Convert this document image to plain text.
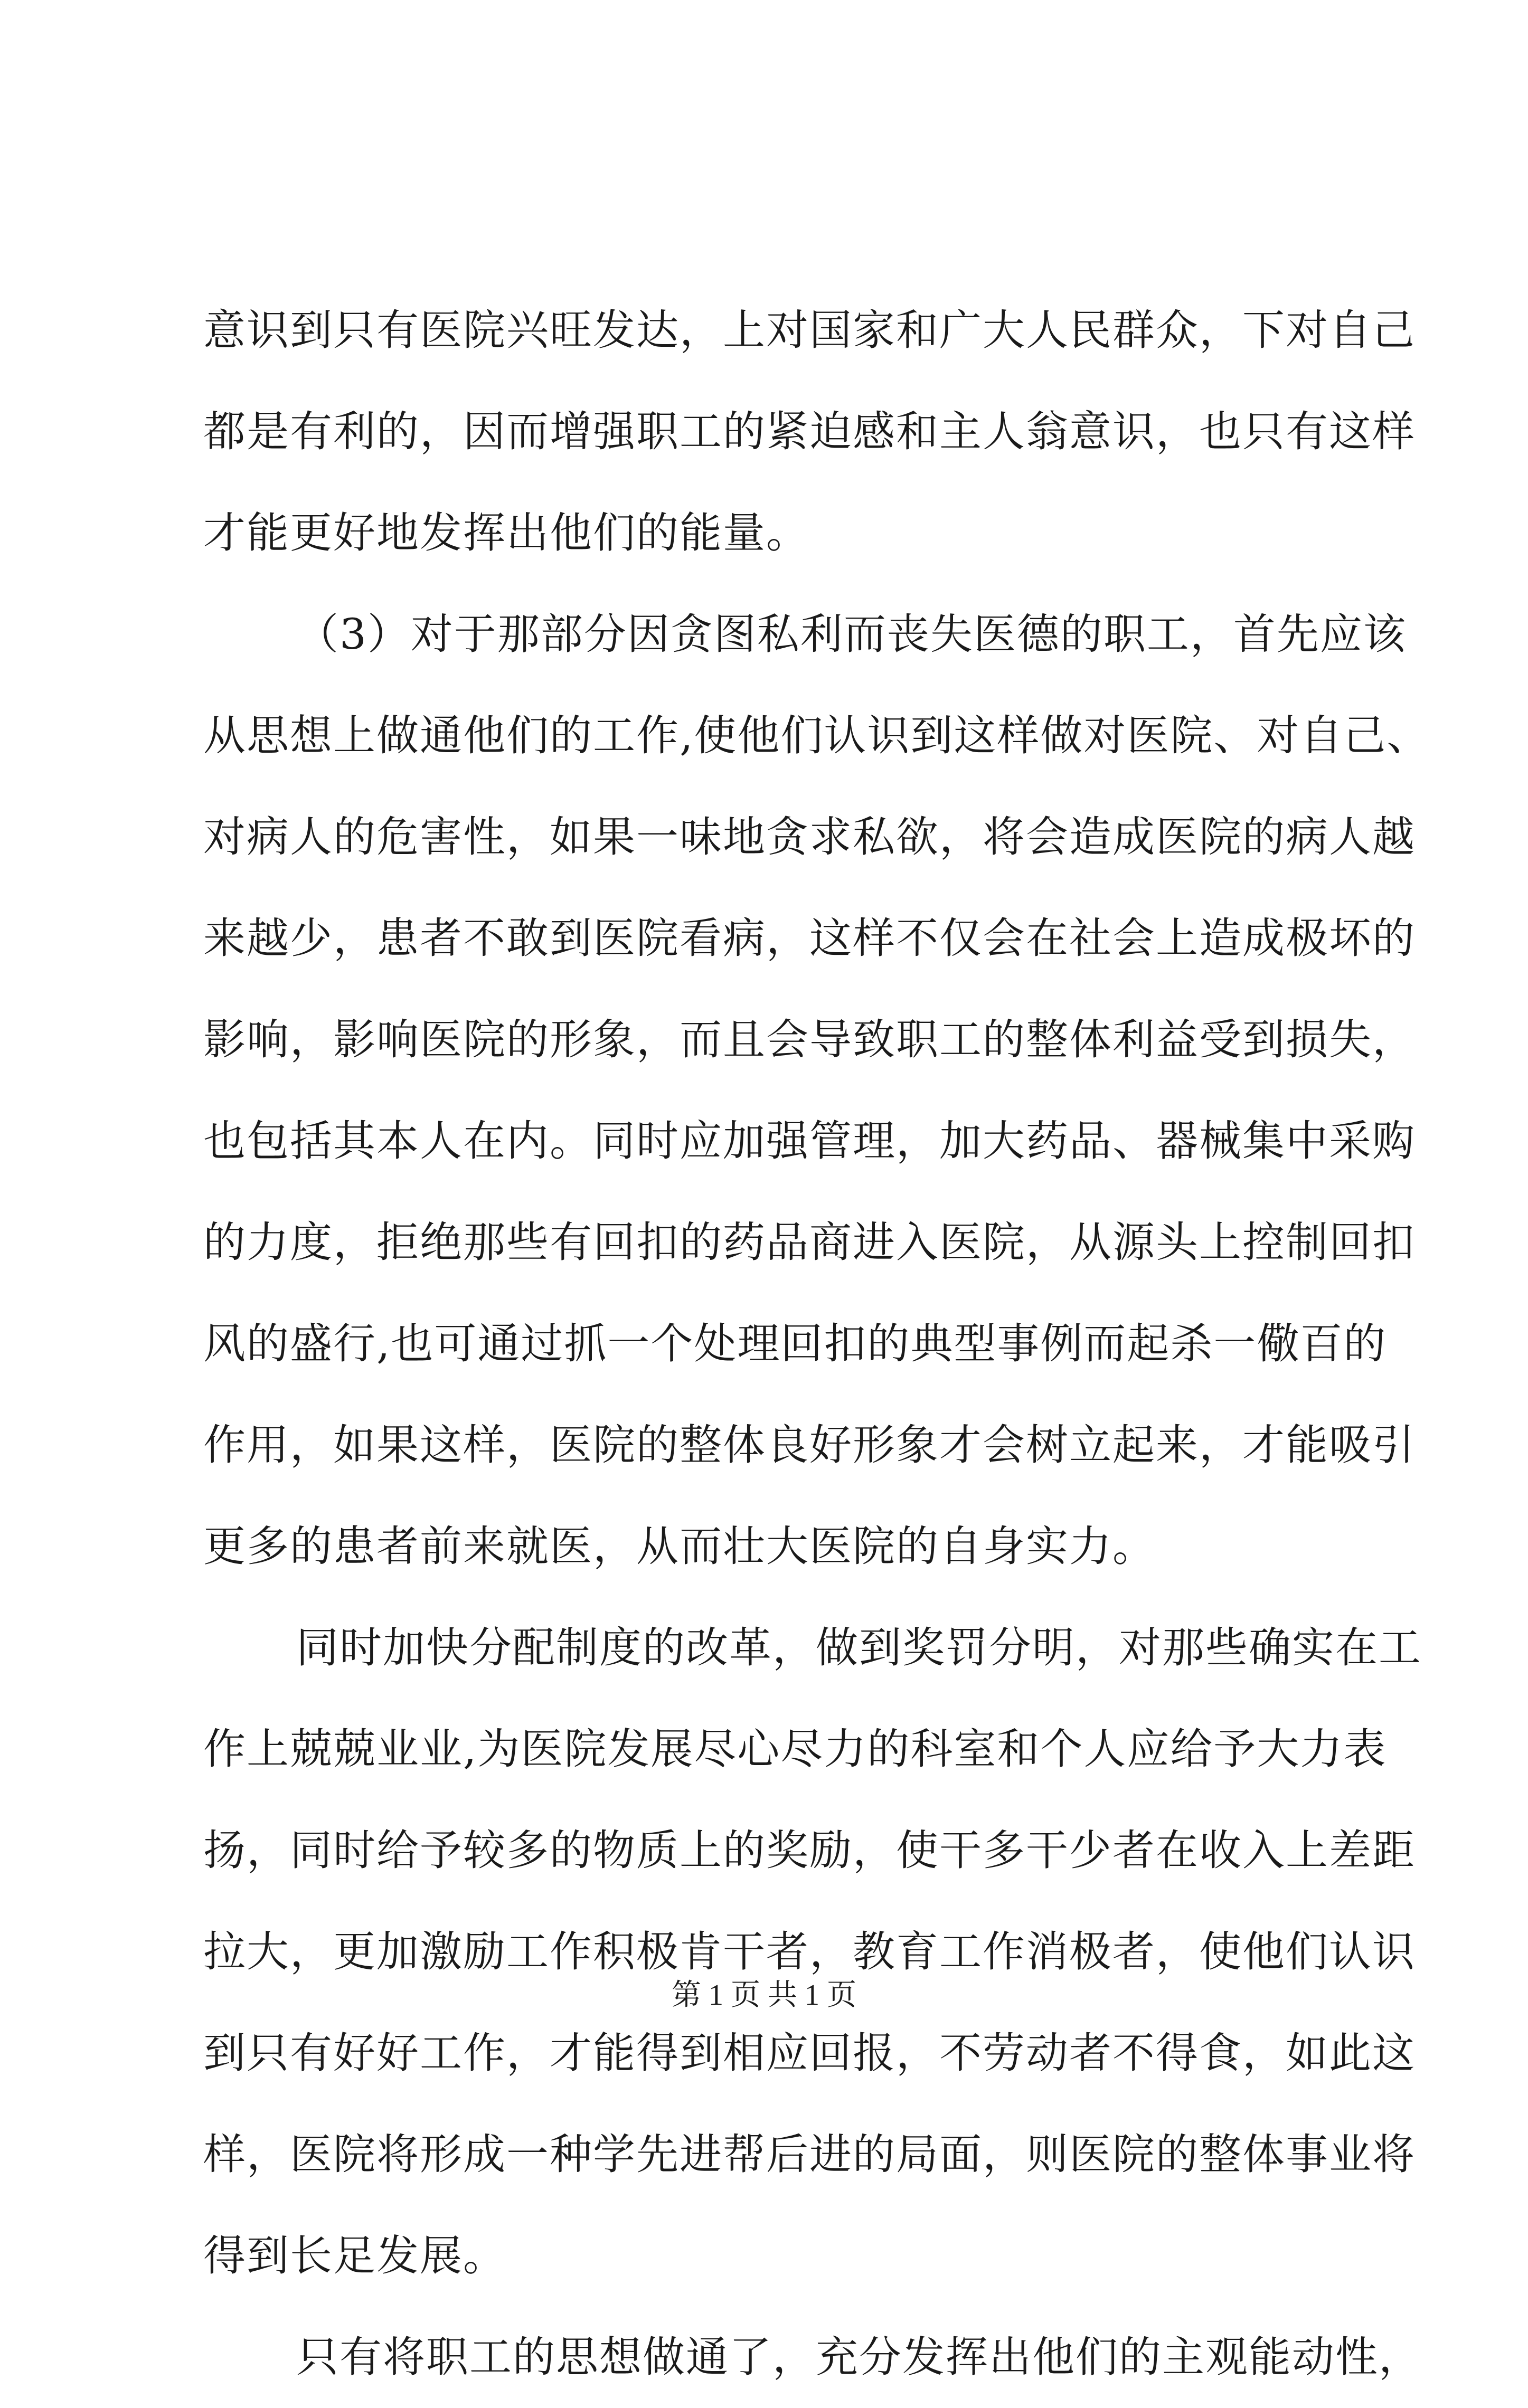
意识到只有医院兴旺发达，上对国家和广大人民群众，下对自己
都是有利的，因而增强职工的紧迫感和主人翁意识，也只有这样
才能更好地发挥出他们的能量。
（3）对于那部分因贪图私利而丧失医德的职工，首先应该
从思想上做通他们的工作,使他们认识到这样做对医院、对自己、
对病人的危害性，如果一味地贪求私欲，将会造成医院的病人越
来越少，患者不敢到医院看病，这样不仅会在社会上造成极坏的
影响，影响医院的形象，而且会导致职工的整体利益受到损失，
也包括其本人在内。同时应加强管理，加大药品、器械集中采购
的力度，拒绝那些有回扣的药品商进入医院，从源头上控制回扣
风的盛行,也可通过抓一个处理回扣的典型事例而起杀一儆百的
作用，如果这样，医院的整体良好形象才会树立起来，才能吸引
更多的患者前来就医，从而壮大医院的自身实力。
同时加快分配制度的改革，做到奖罚分明，对那些确实在工
作上兢兢业业,为医院发展尽心尽力的科室和个人应给予大力表
扬，同时给予较多的物质上的奖励，使干多干少者在收入上差距
拉大，更加激励工作积极肯干者，教育工作消极者，使他们认识
到只有好好工作，才能得到相应回报，不劳动者不得食，如此这
样，医院将形成一种学先进帮后进的局面，则医院的整体事业将
得到长足发展。
只有将职工的思想做通了，充分发挥出他们的主观能动性，
第 1 页 共 1 页
